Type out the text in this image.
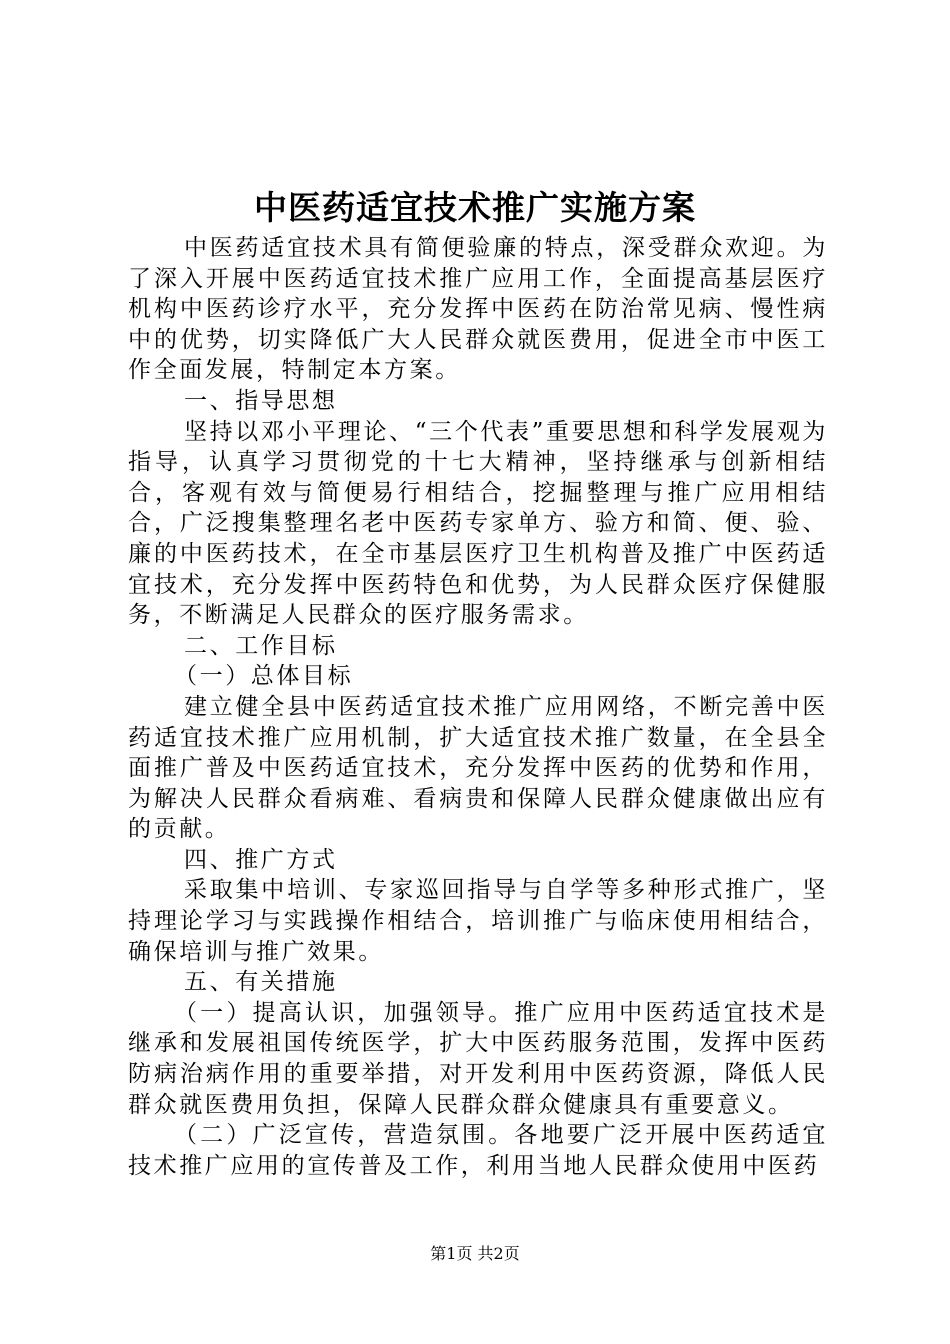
中医药适宜技术推广实施方案

中医药适宜技术具有简便验廉的特点，深受群众欢迎。为了深入开展中医药适宜技术推广应用工作，全面提高基层医疗机构中医药诊疗水平，充分发挥中医药在防治常见病、慢性病中的优势，切实降低广大人民群众就医费用，促进全市中医工作全面发展，特制定本方案。

一、指导思想

坚持以邓小平理论、“三个代表”重要思想和科学发展观为指导，认真学习贯彻党的十七大精神，坚持继承与创新相结合，客观有效与简便易行相结合，挖掘整理与推广应用相结合，广泛搜集整理名老中医药专家单方、验方和简、便、验、廉的中医药技术，在全市基层医疗卫生机构普及推广中医药适宜技术，充分发挥中医药特色和优势，为人民群众医疗保健服务，不断满足人民群众的医疗服务需求。

二、工作目标

（一）总体目标

建立健全县中医药适宜技术推广应用网络，不断完善中医药适宜技术推广应用机制，扩大适宜技术推广数量，在全县全面推广普及中医药适宜技术，充分发挥中医药的优势和作用，为解决人民群众看病难、看病贵和保障人民群众健康做出应有的贡献。

四、推广方式

采取集中培训、专家巡回指导与自学等多种形式推广，坚持理论学习与实践操作相结合，培训推广与临床使用相结合，确保培训与推广效果。

五、有关措施

（一）提高认识，加强领导。推广应用中医药适宜技术是继承和发展祖国传统医学，扩大中医药服务范围，发挥中医药防病治病作用的重要举措，对开发利用中医药资源，降低人民群众就医费用负担，保障人民群众群众健康具有重要意义。

（二）广泛宣传，营造氛围。各地要广泛开展中医药适宜技术推广应用的宣传普及工作，利用当地人民群众使用中医药

第1页 共2页
